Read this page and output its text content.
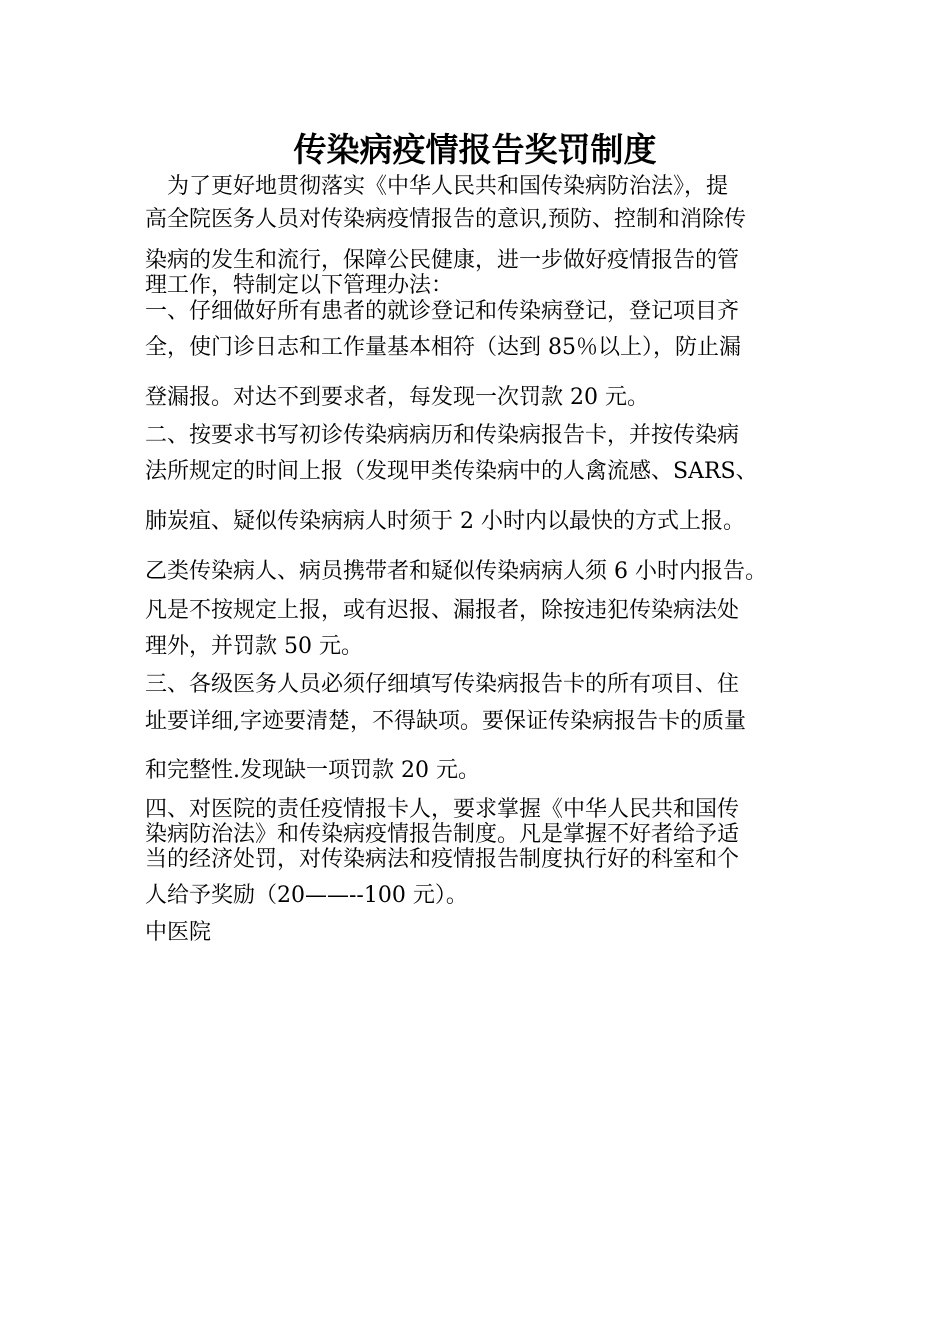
传染病疫情报告奖罚制度
　为了更好地贯彻落实《中华人民共和国传染病防治法》，提
高全院医务人员对传染病疫情报告的意识,预防、控制和消除传
染病的发生和流行，保障公民健康，进一步做好疫情报告的管
理工作，特制定以下管理办法：
一、仔细做好所有患者的就诊登记和传染病登记，登记项目齐
全，使门诊日志和工作量基本相符（达到 85％以上），防止漏
登漏报。对达不到要求者，每发现一次罚款 20 元。
二、按要求书写初诊传染病病历和传染病报告卡，并按传染病
法所规定的时间上报（发现甲类传染病中的人禽流感、SARS、
肺炭疽、疑似传染病病人时须于 2 小时内以最快的方式上报。
乙类传染病人、病员携带者和疑似传染病病人须 6 小时内报告。
凡是不按规定上报，或有迟报、漏报者，除按违犯传染病法处
理外，并罚款 50 元。
三、各级医务人员必须仔细填写传染病报告卡的所有项目、住
址要详细,字迹要清楚，不得缺项。要保证传染病报告卡的质量
和完整性.发现缺一项罚款 20 元。
四、对医院的责任疫情报卡人，要求掌握《中华人民共和国传
染病防治法》和传染病疫情报告制度。凡是掌握不好者给予适
当的经济处罚，对传染病法和疫情报告制度执行好的科室和个
人给予奖励（20——--100 元）。
中医院
